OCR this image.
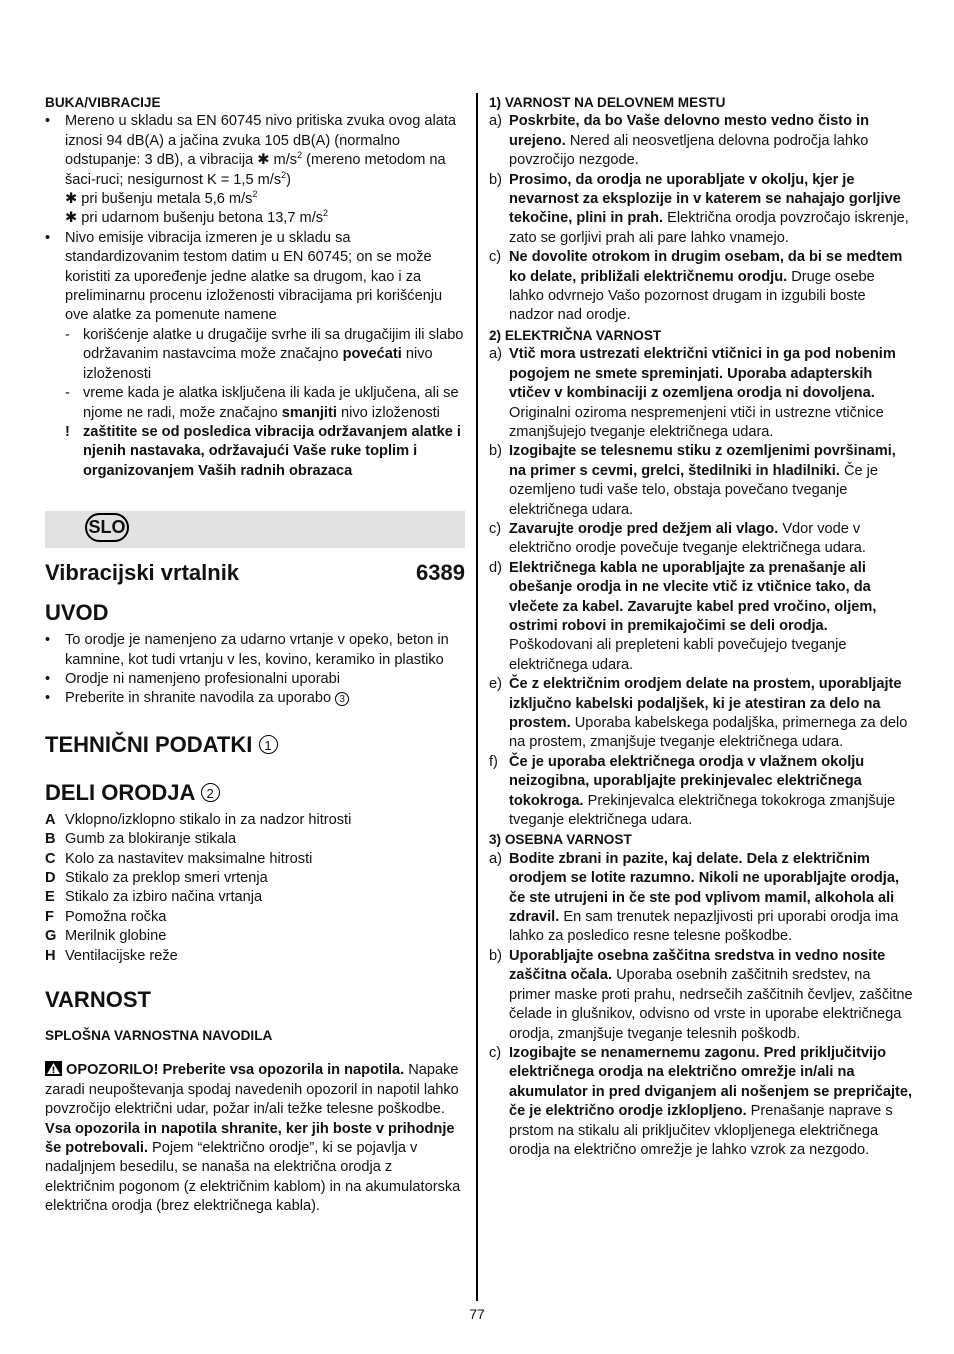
BUKA/VIBRACIJE

• Mereno u skladu sa EN 60745 nivo pritiska zvuka ovog alata iznosi 94 dB(A) a jačina zvuka 105 dB(A) (normalno odstupanje: 3 dB), a vibracija ✱ $m/s^2$ (mereno metodom na šaci-ruci; nesigurnost K = 1,5 $m/s^2$)
✱ pri bušenju metala 5,6 $m/s^2$
✱ pri udarnom bušenju betona 13,7 $m/s^2$
• Nivo emisije vibracija izmeren je u skladu sa standardizovanim testom datim u EN 60745; on se može koristiti za upoređenje jedne alatke sa drugom, kao i za preliminarnu procenu izloženosti vibracijama pri korišćenju ove alatke za pomenute namene
- korišćenje alatke u drugačije svrhe ili sa drugačijim ili slabo održavanim nastavcima može značajno povećati nivo izloženosti
- vreme kada je alatka isključena ili kada je uključena, ali se njome ne radi, može značajno smanjiti nivo izloženosti
! zaštitite se od posledica vibracija održavanjem alatke i njenih nastavaka, održavajući Vaše ruke toplim i organizovanjem Vaših radnih obrazaca
SLO
Vibracijski vrtalnik	6389

UVOD

• To orodje je namenjeno za udarno vrtanje v opeko, beton in kamnine, kot tudi vrtanju v les, kovino, keramiko in plastiko
• Orodje ni namenjeno profesionalni uporabi
• Preberite in shranite navodila za uporabo 3

TEHNIČNI PODATKI 1

DELI ORODJA 2

A Vklopno/izklopno stikalo in za nadzor hitrosti
B Gumb za blokiranje stikala
C Kolo za nastavitev maksimalne hitrosti
D Stikalo za preklop smeri vrtenja
E Stikalo za izbiro načina vrtanja
F Pomožna ročka
G Merilnik globine
H Ventilacijske reže

VARNOST

SPLOŠNA VARNOSTNA NAVODILA

OPOZORILO! Preberite vsa opozorila in napotila. Napake zaradi neupoštevanja spodaj navedenih opozoril in napotil lahko povzročijo električni udar, požar in/ali težke telesne poškodbe. Vsa opozorila in napotila shranite, ker jih boste v prihodnje še potrebovali. Pojem “električno orodje”, ki se pojavlja v nadaljnjem besedilu, se nanaša na električna orodja z električnim pogonom (z električnim kablom) in na akumulatorska električna orodja (brez električnega kabla).

1) VARNOST NA DELOVNEM MESTU

a) Poskrbite, da bo Vaše delovno mesto vedno čisto in urejeno. Nered ali neosvetljena delovna področja lahko povzročijo nezgode.
b) Prosimo, da orodja ne uporabljate v okolju, kjer je nevarnost za eksplozije in v katerem se nahajajo gorljive tekočine, plini in prah. Električna orodja povzročajo iskrenje, zato se gorljivi prah ali pare lahko vnamejo.
c) Ne dovolite otrokom in drugim osebam, da bi se medtem ko delate, približali električnemu orodju. Druge osebe lahko odvrnejo Vašo pozornost drugam in izgubili boste nadzor nad orodje.

2) ELEKTRIČNA VARNOST

a) Vtič mora ustrezati električni vtičnici in ga pod nobenim pogojem ne smete spreminjati. Uporaba adapterskih vtičev v kombinaciji z ozemljena orodja ni dovoljena. Originalni oziroma nespremenjeni vtiči in ustrezne vtičnice zmanjšujejo tveganje električnega udara.
b) Izogibajte se telesnemu stiku z ozemljenimi površinami, na primer s cevmi, grelci, štedilniki in hladilniki. Če je ozemljeno tudi vaše telo, obstaja povečano tveganje električnega udara.
c) Zavarujte orodje pred dežjem ali vlago. Vdor vode v električno orodje povečuje tveganje električnega udara.
d) Električnega kabla ne uporabljajte za prenašanje ali obešanje orodja in ne vlecite vtič iz vtičnice tako, da vlečete za kabel. Zavarujte kabel pred vročino, oljem, ostrimi robovi in premikajočimi se deli orodja. Poškodovani ali prepleteni kabli povečujejo tveganje električnega udara.
e) Če z električnim orodjem delate na prostem, uporabljajte izključno kabelski podaljšek, ki je atestiran za delo na prostem. Uporaba kabelskega podaljška, primernega za delo na prostem, zmanjšuje tveganje električnega udara.
f) Če je uporaba električnega orodja v vlažnem okolju neizogibna, uporabljajte prekinjevalec električnega tokokroga. Prekinjevalca električnega tokokroga zmanjšuje tveganje električnega udara.

3) OSEBNA VARNOST

a) Bodite zbrani in pazite, kaj delate. Dela z električnim orodjem se lotite razumno. Nikoli ne uporabljajte orodja, če ste utrujeni in če ste pod vplivom mamil, alkohola ali zdravil. En sam trenutek nepazljivosti pri uporabi orodja ima lahko za posledico resne telesne poškodbe.
b) Uporabljajte osebna zaščitna sredstva in vedno nosite zaščitna očala. Uporaba osebnih zaščitnih sredstev, na primer maske proti prahu, nedrsečih zaščitnih čevljev, zaščitne čelade in glušnikov, odvisno od vrste in uporabe električnega orodja, zmanjšuje tveganje telesnih poškodb.
c) Izogibajte se nenamernemu zagonu. Pred priključitvijo električnega orodja na električno omrežje in/ali na akumulator in pred dviganjem ali nošenjem se prepričajte, če je električno orodje izklopljeno. Prenašanje naprave s prstom na stikalu ali priključitev vklopljenega električnega orodja na električno omrežje je lahko vzrok za nezgodo.
77
